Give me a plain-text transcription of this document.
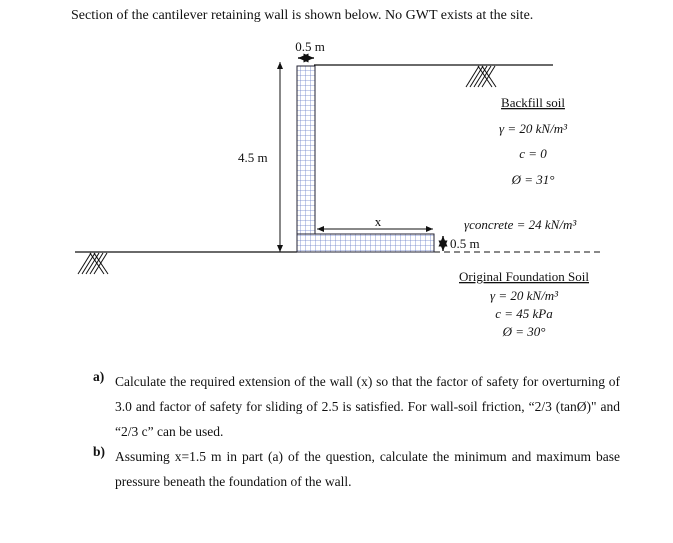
Section of the cantilever retaining wall is shown below. No GWT exists at the site.
0.5 m
4.5 m
x
0.5 m
γconcrete = 24 kN/m³
Backfill soil
γ = 20 kN/m³
c = 0
Ø = 31°
Original Foundation Soil
γ = 20 kN/m³
c = 45 kPa
Ø = 30°
a) Calculate the required extension of the wall (x) so that the factor of safety for overturning of 3.0 and factor of safety for sliding of 2.5 is satisfied. For wall-soil friction, “2/3 (tanØ)" and “2/3 c” can be used.
b) Assuming x=1.5 m in part (a) of the question, calculate the minimum and maximum base pressure beneath the foundation of the wall.
